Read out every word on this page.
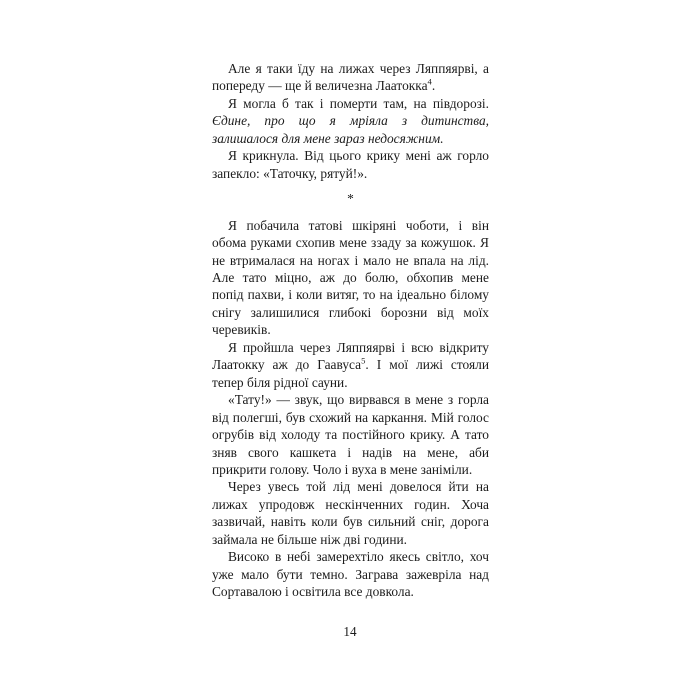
Але я таки їду на лижах через Ляппяярві, а попереду — ще й величезна Лаатокка$^4$.

Я могла б так і померти там, на півдорозі. Єдине, про що я мріяла з дитинства, залишалося для мене зараз недосяжним.

Я крикнула. Від цього крику мені аж горло запекло: «Таточку, рятуй!».

*

Я побачила татові шкіряні чоботи, і він обома руками схопив мене ззаду за кожушок. Я не втрималася на ногах і мало не впала на лід. Але тато міцно, аж до болю, обхопив мене попід пахви, і коли витяг, то на ідеально білому снігу залишилися глибокі борозни від моїх черевиків.

Я пройшла через Ляппяярві і всю відкриту Лаатокку аж до Гаавуса$^5$. І мої лижі стояли тепер біля рідної сауни.

«Тату!» — звук, що вирвався в мене з горла від полегші, був схожий на каркання. Мій голос огрубів від холоду та постійного крику. А тато зняв свого кашкета і надів на мене, аби прикрити голову. Чоло і вуха в мене заніміли.

Через увесь той лід мені довелося йти на лижах упродовж нескінченних годин. Хоча зазвичай, навіть коли був сильний сніг, дорога займала не більше ніж дві години.

Високо в небі замерехтіло якесь світло, хоч уже мало бути темно. Заграва зажевріла над Сортавалою і освітила все довкола.

14
